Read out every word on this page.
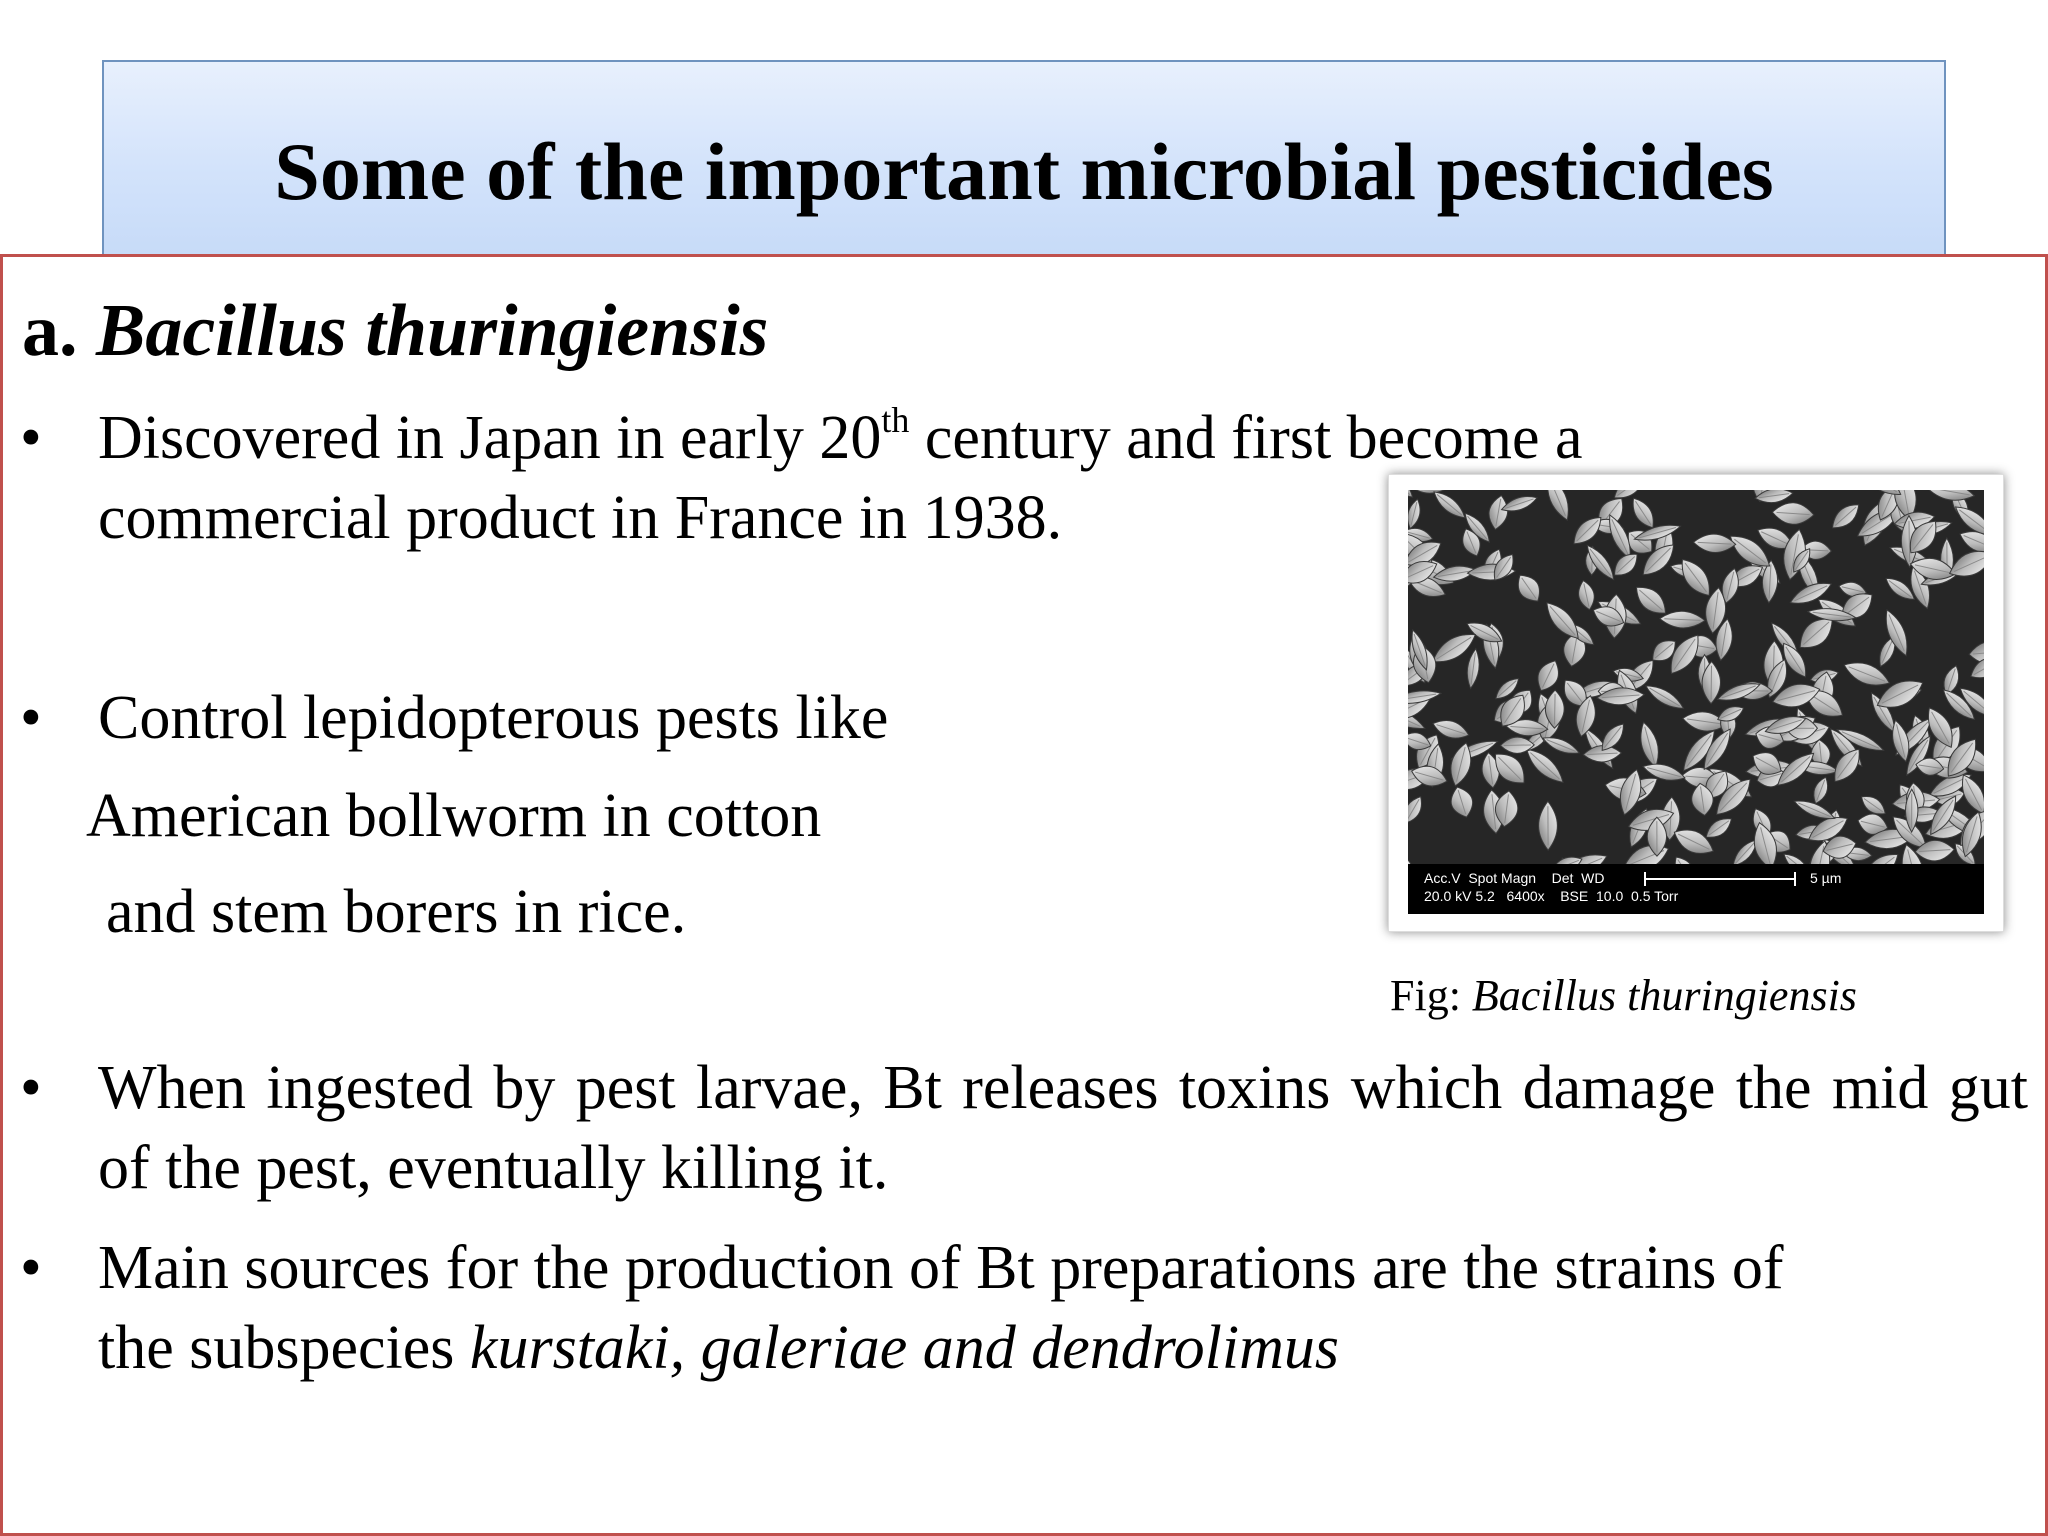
Some of the important microbial pesticides
a. Bacillus thuringiensis
• Discovered in Japan in early 20th century and first become a
commercial product in France in 1938.
• Control lepidopterous pests like
American bollworm in cotton
and stem borers in rice.	Acc.V  Spot Magn    Det  WD
20.0 kV 5.2   6400x    BSE  10.0  0.5 Torr
5 µm
Fig: Bacillus thuringiensis
• When ingested by pest larvae, Bt releases toxins which damage the mid gut of the pest, eventually killing it.
• Main sources for the production of Bt preparations are the strains of
the subspecies kurstaki, galeriae and dendrolimus
